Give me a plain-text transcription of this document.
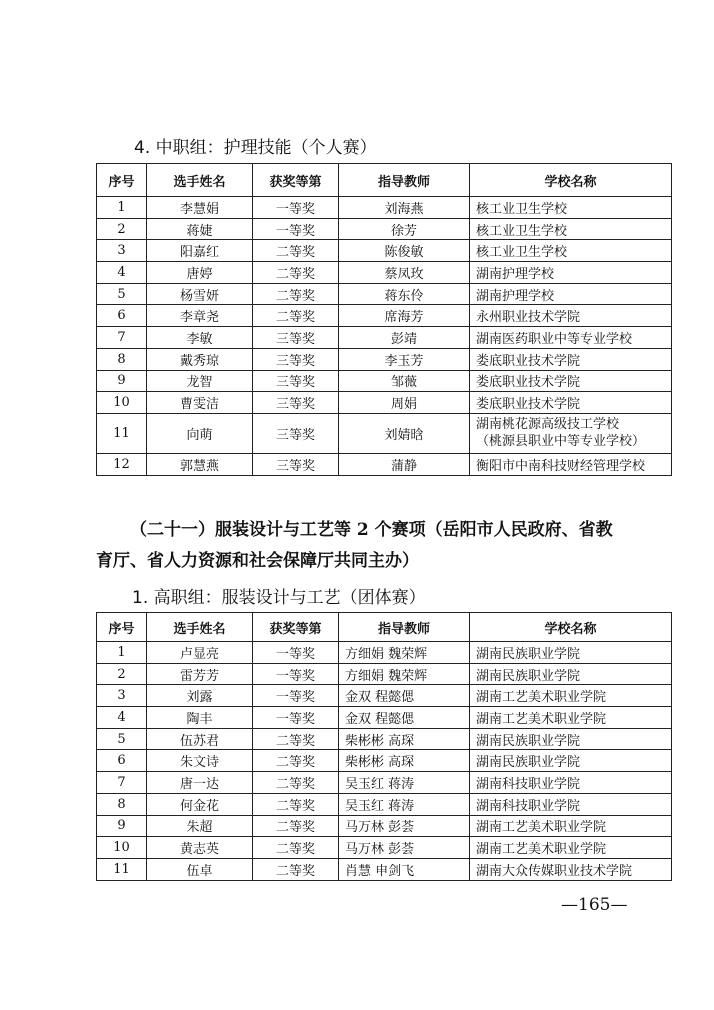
4. 中职组：护理技能（个人赛）
序号	选手姓名	获奖等第	指导教师	学校名称
1	李慧娟	一等奖	刘海燕	核工业卫生学校
2	蒋婕	一等奖	徐芳	核工业卫生学校
3	阳嘉红	二等奖	陈俊敏	核工业卫生学校
4	唐婷	二等奖	蔡凤玫	湖南护理学校
5	杨雪妍	二等奖	蒋东伶	湖南护理学校
6	李章尧	二等奖	席海芳	永州职业技术学院
7	李敏	三等奖	彭靖	湖南医药职业中等专业学校
8	戴秀琼	三等奖	李玉芳	娄底职业技术学院
9	龙智	三等奖	邹薇	娄底职业技术学院
10	曹雯洁	三等奖	周娟	娄底职业技术学院
11	向萌	三等奖	刘婧晗	湖南桃花源高级技工学校
（桃源县职业中等专业学校）

12	郭慧燕	三等奖	蒲静	衡阳市中南科技财经管理学校
（二十一）服装设计与工艺等 2 个赛项（岳阳市人民政府、省教育厅、省人力资源和社会保障厅共同主办）
1. 高职组：服装设计与工艺（团体赛）
序号	选手姓名	获奖等第	指导教师	学校名称
1	卢显亮	一等奖	方细娟 魏荣辉	湖南民族职业学院
2	雷芳芳	一等奖	方细娟 魏荣辉	湖南民族职业学院
3	刘露	一等奖	金双 程懿偲	湖南工艺美术职业学院
4	陶丰	一等奖	金双 程懿偲	湖南工艺美术职业学院
5	伍苏君	二等奖	柴彬彬 高琛	湖南民族职业学院
6	朱文诗	二等奖	柴彬彬 高琛	湖南民族职业学院
7	唐一达	二等奖	吴玉红 蒋涛	湖南科技职业学院
8	何金花	二等奖	吴玉红 蒋涛	湖南科技职业学院
9	朱超	二等奖	马万林 彭荟	湖南工艺美术职业学院
10	黄志英	二等奖	马万林 彭荟	湖南工艺美术职业学院
11	伍卓	二等奖	肖慧 申剑飞	湖南大众传媒职业技术学院
—165—
